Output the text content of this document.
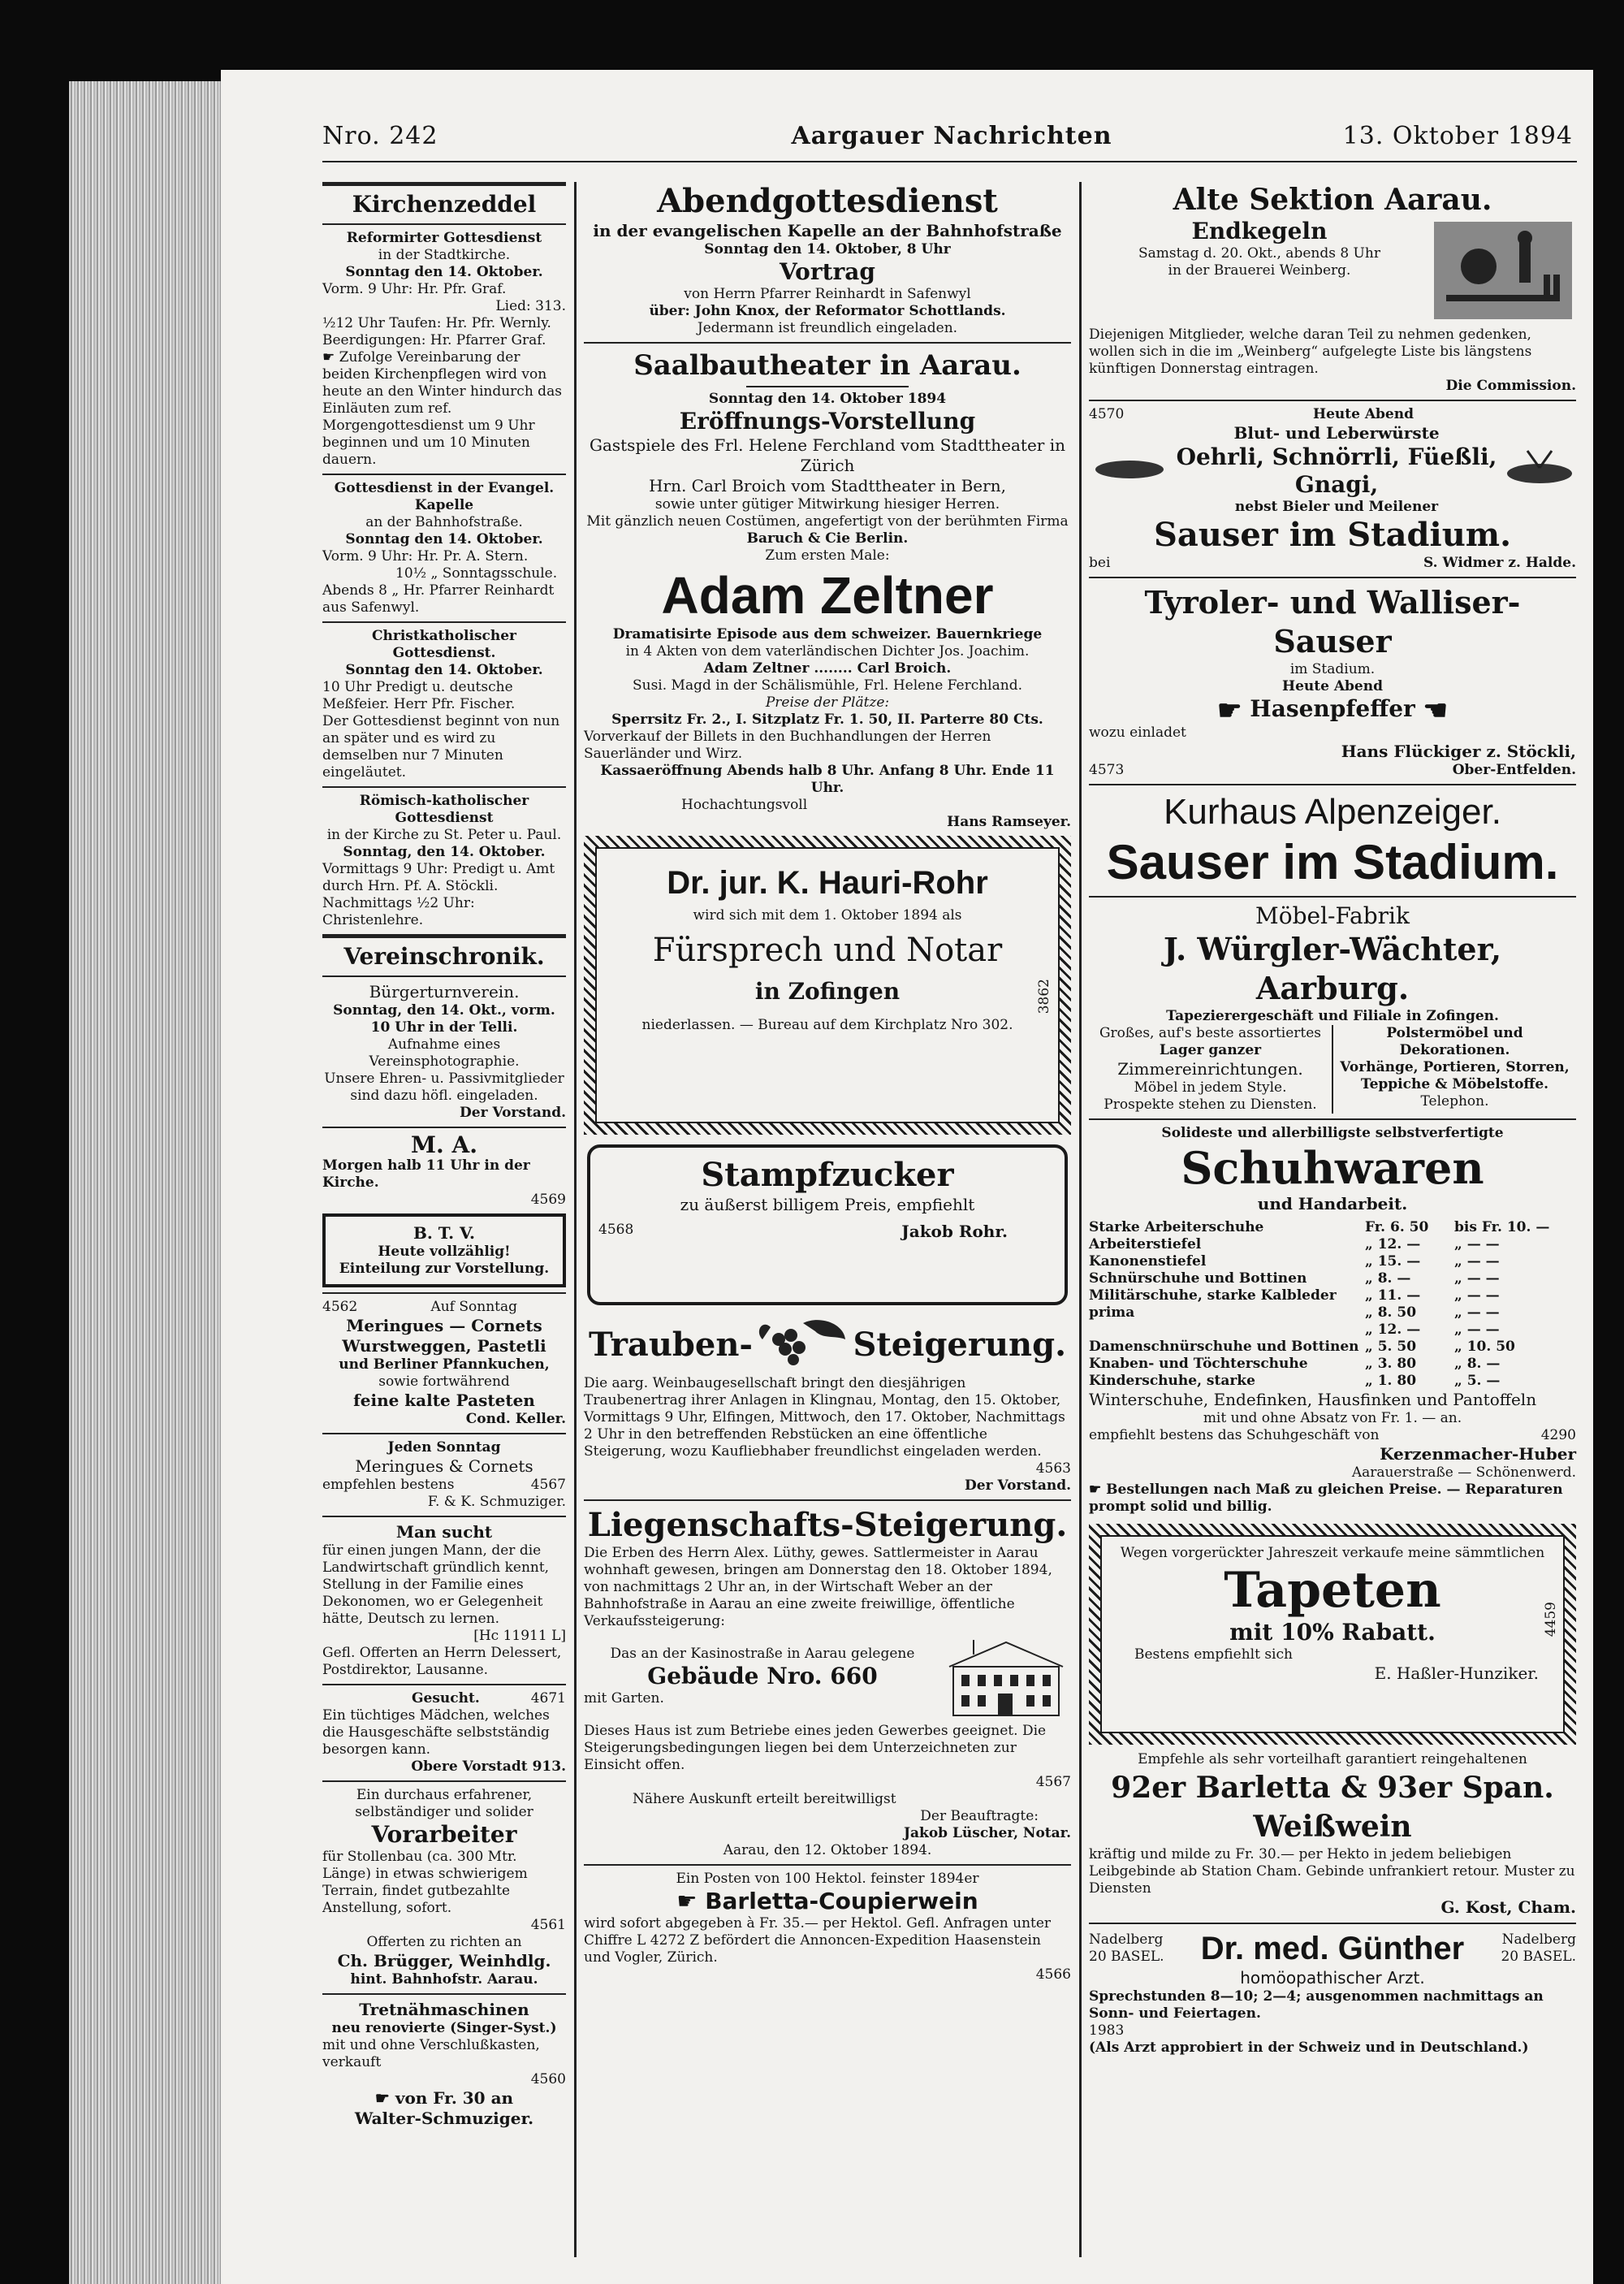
Nro. 242	Aargauer Nachrichten	13. Oktober 1894
Kirchenzeddel
Reformirter Gottesdienst
in der Stadtkirche.
Sonntag den 14. Oktober.
Vorm. 9 Uhr: Hr. Pfr. Graf.
Lied: 313.
½12 Uhr Taufen: Hr. Pfr. Wernly.
Beerdigungen: Hr. Pfarrer Graf.
☛ Zufolge Vereinbarung der beiden Kirchenpflegen wird von heute an den Winter hindurch das Einläuten zum ref. Morgengottesdienst um 9 Uhr beginnen und um 10 Minuten dauern.
Gottesdienst in der Evangel. Kapelle
an der Bahnhofstraße.
Sonntag den 14. Oktober.
Vorm. 9 Uhr: Hr. Pr. A. Stern.
10½ „ Sonntagsschule.
Abends 8 „ Hr. Pfarrer Reinhardt aus Safenwyl.
Christkatholischer Gottesdienst.
Sonntag den 14. Oktober.
10 Uhr Predigt u. deutsche Meßfeier. Herr Pfr. Fischer.
Der Gottesdienst beginnt von nun an später und es wird zu demselben nur 7 Minuten eingeläutet.
Römisch-katholischer Gottesdienst
in der Kirche zu St. Peter u. Paul.
Sonntag, den 14. Oktober.
Vormittags 9 Uhr: Predigt u. Amt durch Hrn. Pf. A. Stöckli.
Nachmittags ½2 Uhr: Christenlehre.
Vereinschronik.
Bürgerturnverein.
Sonntag, den 14. Okt., vorm. 10 Uhr in der Telli.
Aufnahme eines Vereinsphotographie.
Unsere Ehren- u. Passivmitglieder sind dazu höfl. eingeladen.
Der Vorstand.
M. A.
Morgen halb 11 Uhr in der Kirche.
4569
B. T. V.
Heute vollzählig!
Einteilung zur Vorstellung.
4562	Auf Sonntag
Meringues — Cornets
Wurstweggen, Pastetli
und Berliner Pfannkuchen,
sowie fortwährend
feine kalte Pasteten
Cond. Keller.
Jeden Sonntag
Meringues & Cornets
empfehlen bestens	4567
F. & K. Schmuziger.
Man sucht
für einen jungen Mann, der die Landwirtschaft gründlich kennt, Stellung in der Familie eines Dekonomen, wo er Gelegenheit hätte, Deutsch zu lernen.
[Hc 11911 L]
Gefl. Offerten an Herrn Delessert, Postdirektor, Lausanne.
Gesucht.	4671
Ein tüchtiges Mädchen, welches die Hausgeschäfte selbstständig besorgen kann.
Obere Vorstadt 913.
Ein durchaus erfahrener, selbständiger und solider
Vorarbeiter
für Stollenbau (ca. 300 Mtr. Länge) in etwas schwierigem Terrain, findet gutbezahlte Anstellung, sofort.
4561
Offerten zu richten an
Ch. Brügger, Weinhdlg.
hint. Bahnhofstr. Aarau.
Tretnähmaschinen
neu renovierte (Singer-Syst.)
mit und ohne Verschlußkasten, verkauft
4560
☛ von Fr. 30 an
Walter-Schmuziger.
Abendgottesdienst
in der evangelischen Kapelle an der Bahnhofstraße
Sonntag den 14. Oktober, 8 Uhr
Vortrag
von Herrn Pfarrer Reinhardt in Safenwyl
über: John Knox, der Reformator Schottlands.
Jedermann ist freundlich eingeladen.
Saalbautheater in Aarau.
Sonntag den 14. Oktober 1894
Eröffnungs-Vorstellung
Gastspiele des Frl. Helene Ferchland vom Stadttheater in Zürich
Hrn. Carl Broich vom Stadttheater in Bern,
sowie unter gütiger Mitwirkung hiesiger Herren.
Mit gänzlich neuen Costümen, angefertigt von der berühmten Firma
Baruch & Cie Berlin.
Zum ersten Male:
Adam Zeltner
Dramatisirte Episode aus dem schweizer. Bauernkriege
in 4 Akten von dem vaterländischen Dichter Jos. Joachim.
Adam Zeltner ........ Carl Broich.
Susi. Magd in der Schälismühle, Frl. Helene Ferchland.
Preise der Plätze:
Sperrsitz Fr. 2., I. Sitzplatz Fr. 1. 50, II. Parterre 80 Cts.
Vorverkauf der Billets in den Buchhandlungen der Herren Sauerländer und Wirz.
Kassaeröffnung Abends halb 8 Uhr. Anfang 8 Uhr. Ende 11 Uhr.
Hochachtungsvoll
Hans Ramseyer.
Dr. jur. K. Hauri-Rohr
wird sich mit dem 1. Oktober 1894 als
Fürsprech und Notar
in Zofingen
niederlassen. — Bureau auf dem Kirchplatz Nro 302.
3862
Stampfzucker
zu äußerst billigem Preis, empfiehlt
4568	Jakob Rohr.
Trauben-	Steigerung.
Die aarg. Weinbaugesellschaft bringt den diesjährigen Traubenertrag ihrer Anlagen in Klingnau, Montag, den 15. Oktober, Vormittags 9 Uhr, Elfingen, Mittwoch, den 17. Oktober, Nachmittags 2 Uhr in den betreffenden Rebstücken an eine öffentliche Steigerung, wozu Kaufliebhaber freundlichst eingeladen werden.
4563
Der Vorstand.
Liegenschafts-Steigerung.
Die Erben des Herrn Alex. Lüthy, gewes. Sattlermeister in Aarau wohnhaft gewesen, bringen am Donnerstag den 18. Oktober 1894, von nachmittags 2 Uhr an, in der Wirtschaft Weber an der Bahnhofstraße in Aarau an eine zweite freiwillige, öffentliche Verkaufssteigerung:
Das an der Kasinostraße in Aarau gelegene
Gebäude Nro. 660
mit Garten.
Dieses Haus ist zum Betriebe eines jeden Gewerbes geeignet. Die Steigerungsbedingungen liegen bei dem Unterzeichneten zur Einsicht offen.
4567
Nähere Auskunft erteilt bereitwilligst
Der Beauftragte:
Jakob Lüscher, Notar.
Aarau, den 12. Oktober 1894.
Ein Posten von 100 Hektol. feinster 1894er
☛ Barletta-Coupierwein
wird sofort abgegeben à Fr. 35.— per Hektol. Gefl. Anfragen unter Chiffre L 4272 Z befördert die Annoncen-Expedition Haasenstein und Vogler, Zürich.
4566
Alte Sektion Aarau.
Endkegeln
Samstag d. 20. Okt., abends 8 Uhr
in der Brauerei Weinberg.
Diejenigen Mitglieder, welche daran Teil zu nehmen gedenken, wollen sich in die im „Weinberg“ aufgelegte Liste bis längstens künftigen Donnerstag eintragen.
Die Commission.
4570	Heute Abend
Blut- und Leberwürste
Oehrli, Schnörrli, Füeßli, Gnagi,
nebst Bieler und Meilener
Sauser im Stadium.
bei	S. Widmer z. Halde.
Tyroler- und Walliser-Sauser
im Stadium.
Heute Abend
☛ Hasenpfeffer ☚
wozu einladet
4573
Hans Flückiger z. Stöckli,
Ober-Entfelden.
Kurhaus Alpenzeiger.
Sauser im Stadium.
Möbel-Fabrik
J. Würgler-Wächter, Aarburg.
Tapezierergeschäft und Filiale in Zofingen.
Großes, auf's beste assortiertes
Lager ganzer
Zimmereinrichtungen.
Möbel in jedem Style.
Prospekte stehen zu Diensten.
Polstermöbel und Dekorationen.
Vorhänge, Portieren, Storren,
Teppiche & Möbelstoffe.
Telephon.
Solideste und allerbilligste selbstverfertigte
Schuhwaren
und Handarbeit.
Starke Arbeiterschuhe	Fr. 6. 50	bis Fr. 10. —
Arbeiterstiefel	„ 12. —	„ — —
Kanonenstiefel	„ 15. —	„ — —
Schnürschuhe und Bottinen	„ 8. —	„ — —
Militärschuhe, starke Kalbleder	„ 11. —	„ — —
prima	„ 8. 50	„ — —
„ 12. —	„ — —
Damenschnürschuhe und Bottinen „ 5. 50	„ 10. 50
Knaben- und Töchterschuhe	„ 3. 80	„ 8. —
Kinderschuhe, starke	„ 1. 80	„ 5. —
Winterschuhe, Endefinken, Hausfinken und Pantoffeln
mit und ohne Absatz von Fr. 1. — an.
empfiehlt bestens das Schuhgeschäft von	4290
Kerzenmacher-Huber
Aarauerstraße — Schönenwerd.
☛ Bestellungen nach Maß zu gleichen Preise. — Reparaturen prompt solid und billig.
Wegen vorgerückter Jahreszeit verkaufe meine sämmtlichen
Tapeten
mit 10% Rabatt.
Bestens empfiehlt sich
E. Haßler-Hunziker.
4459
Empfehle als sehr vorteilhaft garantiert reingehaltenen
92er Barletta & 93er Span. Weißwein
kräftig und milde zu Fr. 30.— per Hekto in jedem beliebigen Leibgebinde ab Station Cham. Gebinde unfrankiert retour. Muster zu Diensten
G. Kost, Cham.
Nadelberg 20 BASEL.	Dr. med. Günther	Nadelberg 20 BASEL.
homöopathischer Arzt.
Sprechstunden 8—10; 2—4; ausgenommen nachmittags an Sonn- und Feiertagen.
1983
(Als Arzt approbiert in der Schweiz und in Deutschland.)
